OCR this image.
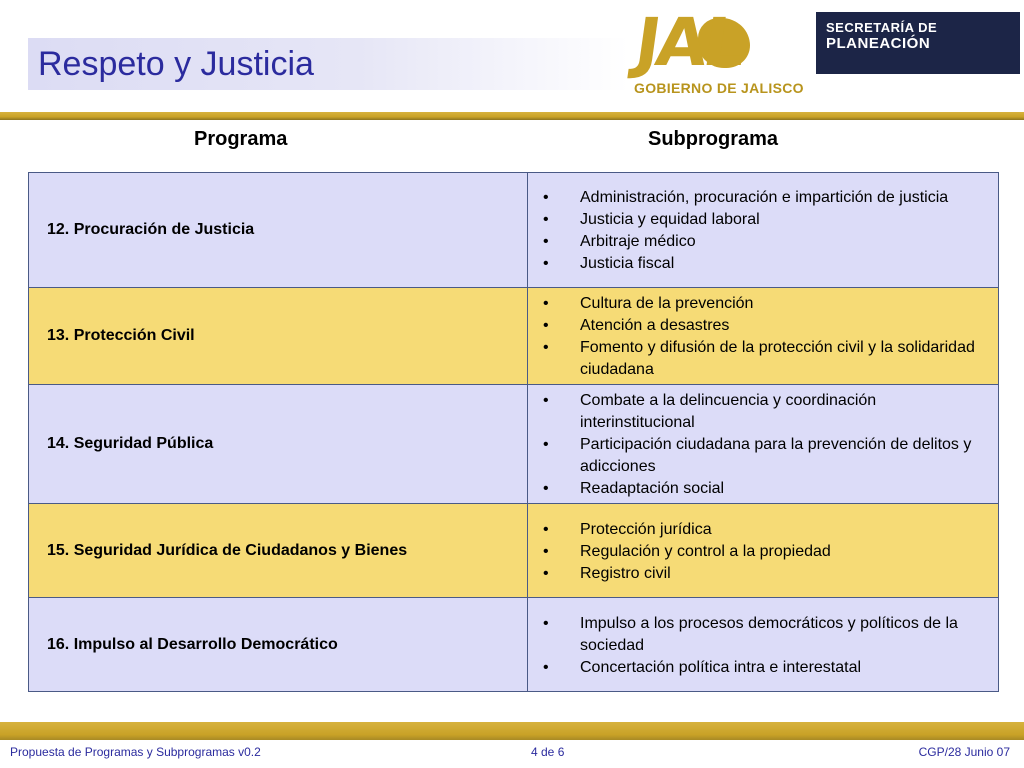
Respeto y Justicia	JAL
GOBIERNO DE JALISCO
SECRETARÍA DE
PLANEACIÓN
Programa	Subprograma
12. Procuración de Justicia
• Administración, procuración e impartición de justicia
• Justicia y equidad laboral
• Arbitraje médico
• Justicia fiscal
13. Protección Civil
• Cultura de la prevención
• Atención a desastres
• Fomento y difusión de la protección civil y la solidaridad ciudadana
14. Seguridad Pública
• Combate a la delincuencia y coordinación interinstitucional
• Participación ciudadana para la prevención de delitos y adicciones
• Readaptación social
15. Seguridad Jurídica de Ciudadanos y Bienes
• Protección jurídica
• Regulación y control a la propiedad
• Registro civil
16. Impulso al Desarrollo Democrático
• Impulso a los procesos democráticos y políticos de la sociedad
• Concertación política intra e interestatal
Propuesta de Programas y Subprogramas v0.2	4 de 6	CGP/28 Junio 07
